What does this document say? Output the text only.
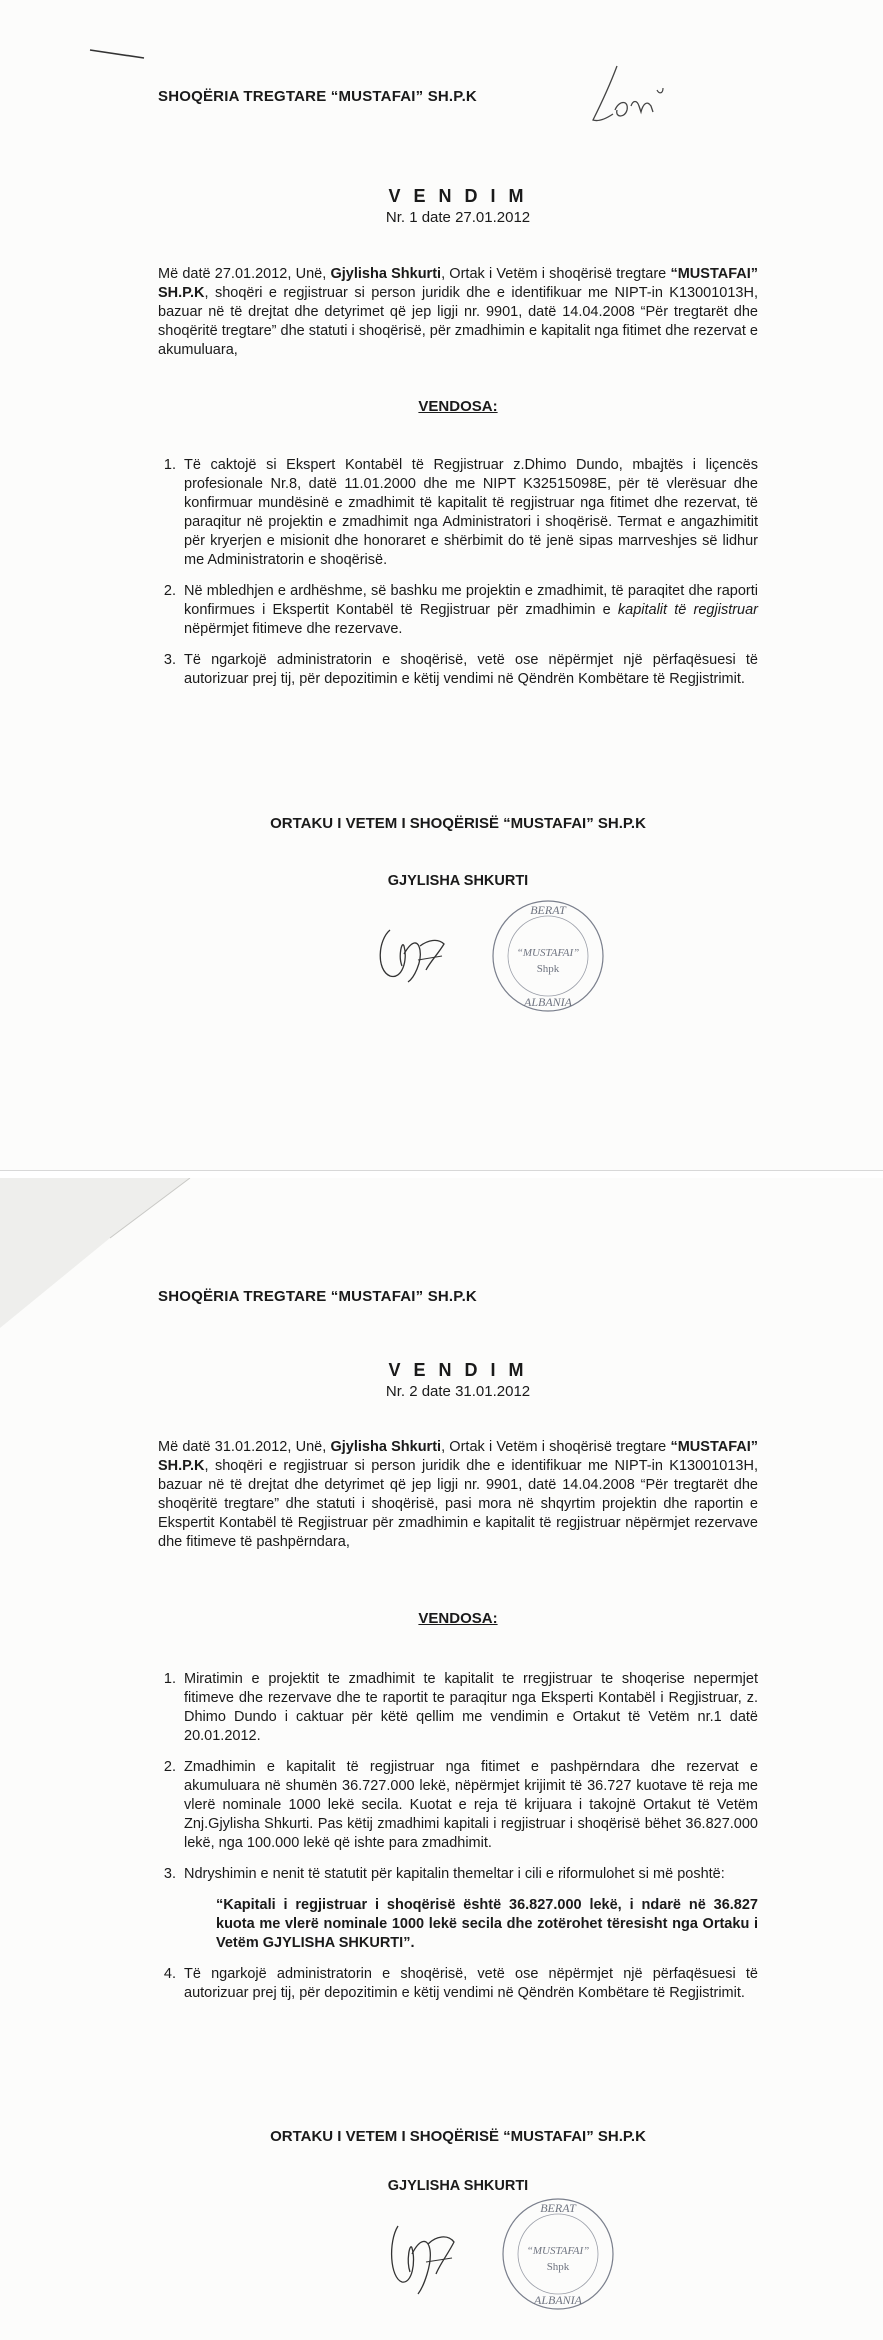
Loni
SHOQËRIA TREGTARE “MUSTAFAI” SH.P.K
V E N D I M
Nr. 1 date 27.01.2012

Më datë 27.01.2012, Unë, Gjylisha Shkurti, Ortak i Vetëm i shoqërisë tregtare “MUSTAFAI” SH.P.K, shoqëri e regjistruar si person juridik dhe e identifikuar me NIPT-in K13001013H, bazuar në të drejtat dhe detyrimet që jep ligji nr. 9901, datë 14.04.2008 “Për tregtarët dhe shoqëritë tregtare” dhe statuti i shoqërisë, për zmadhimin e kapitalit nga fitimet dhe rezervat e akumuluara,

VENDOSA:
1. Të caktojë si Ekspert Kontabël të Regjistruar z.Dhimo Dundo, mbajtës i liçencës profesionale Nr.8, datë 11.01.2000 dhe me NIPT K32515098E, për të vlerësuar dhe konfirmuar mundësinë e zmadhimit të kapitalit të regjistruar nga fitimet dhe rezervat, të paraqitur në projektin e zmadhimit nga Administratori i shoqërisë. Termat e angazhimitit për kryerjen e misionit dhe honoraret e shërbimit do të jenë sipas marrveshjes së lidhur me Administratorin e shoqërisë.
2. Në mbledhjen e ardhëshme, së bashku me projektin e zmadhimit, të paraqitet dhe raporti konfirmues i Ekspertit Kontabël të Regjistruar për zmadhimin e kapitalit të regjistruar nëpërmjet fitimeve dhe rezervave.
3. Të ngarkojë administratorin e shoqërisë, vetë ose nëpërmjet një përfaqësuesi të autorizuar prej tij, për depozitimin e këtij vendimi në Qëndrën Kombëtare të Regjistrimit.
ORTAKU I VETEM I SHOQËRISË “MUSTAFAI” SH.P.K
GJYLISHA SHKURTI
BERAT
“MUSTAFAI”
Shpk
ALBANIA
SHOQËRIA TREGTARE “MUSTAFAI” SH.P.K
V E N D I M
Nr. 2 date 31.01.2012

Më datë 31.01.2012, Unë, Gjylisha Shkurti, Ortak i Vetëm i shoqërisë tregtare “MUSTAFAI” SH.P.K, shoqëri e regjistruar si person juridik dhe e identifikuar me NIPT-in K13001013H, bazuar në të drejtat dhe detyrimet që jep ligji nr. 9901, datë 14.04.2008 “Për tregtarët dhe shoqëritë tregtare” dhe statuti i shoqërisë, pasi mora në shqyrtim projektin dhe raportin e Ekspertit Kontabël të Regjistruar për zmadhimin e kapitalit të regjistruar nëpërmjet rezervave dhe fitimeve të pashpërndara,

VENDOSA:
1. Miratimin e projektit te zmadhimit te kapitalit te rregjistruar te shoqerise nepermjet fitimeve dhe rezervave dhe te raportit te paraqitur nga Eksperti Kontabël i Regjistruar, z. Dhimo Dundo i caktuar për këtë qellim me vendimin e Ortakut të Vetëm nr.1 datë 20.01.2012.
2. Zmadhimin e kapitalit të regjistruar nga fitimet e pashpërndara dhe rezervat e akumuluara në shumën 36.727.000 lekë, nëpërmjet krijimit të 36.727 kuotave të reja me vlerë nominale 1000 lekë secila. Kuotat e reja të krijuara i takojnë Ortakut të Vetëm Znj.Gjylisha Shkurti. Pas këtij zmadhimi kapitali i regjistruar i shoqërisë bëhet 36.827.000 lekë, nga 100.000 lekë që ishte para zmadhimit.
3. Ndryshimin e nenit të statutit për kapitalin themeltar i cili e riformulohet si më poshtë:
“Kapitali i regjistruar i shoqërisë është 36.827.000 lekë, i ndarë në 36.827 kuota me vlerë nominale 1000 lekë secila dhe zotërohet tëresisht nga Ortaku i Vetëm GJYLISHA SHKURTI”.
4. Të ngarkojë administratorin e shoqërisë, vetë ose nëpërmjet një përfaqësuesi të autorizuar prej tij, për depozitimin e këtij vendimi në Qëndrën Kombëtare të Regjistrimit.
ORTAKU I VETEM I SHOQËRISË “MUSTAFAI” SH.P.K
GJYLISHA SHKURTI
BERAT
“MUSTAFAI”
Shpk
ALBANIA
